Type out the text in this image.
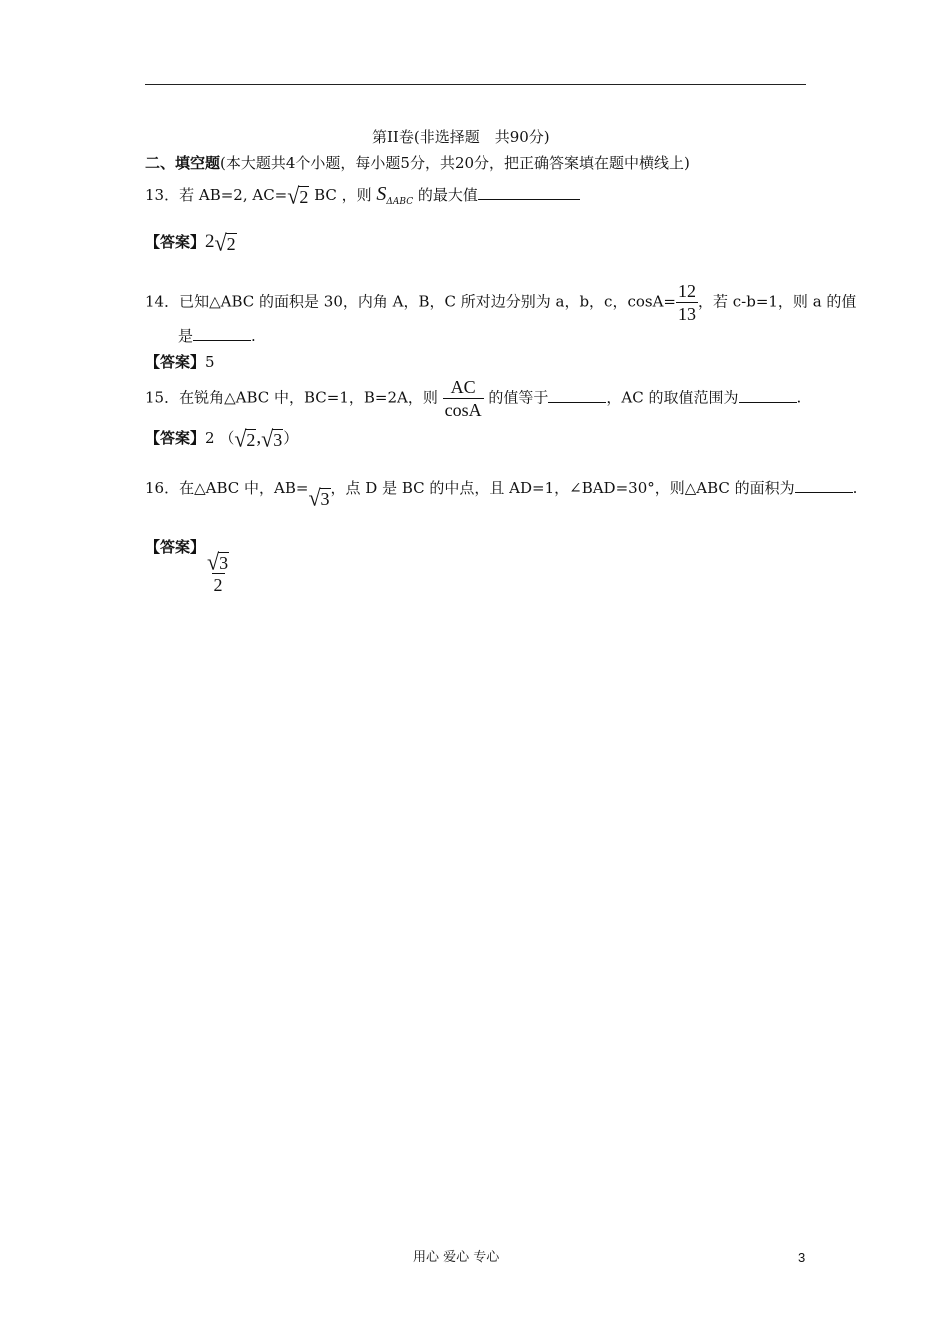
第II卷(非选择题　共90分)
二、填空题(本大题共4个小题，每小题5分，共20分，把正确答案填在题中横线上)
13．若 AB=2, AC= √ 2 BC ，则 $S_{\Delta ABC}$ 的最大值
【答案】2 √ 2
14．已知△ABC 的面积是 30，内角 A，B，C 所对边分别为 a，b，c，$\cos A= \frac{12}{13}$ ，若 c-b=1，则 a 的值
是	.
【答案】5
15．在锐角△ABC 中，BC=1，B=2A，则 $\frac{AC}{\cos A}$ 的值等于	，AC 的取值范围为	.
【答案】2 （ √ 2 , √ 3 ）
16．在△ABC 中，AB= √ 3
，点 D 是 BC 的中点，且 AD=1，∠BAD=30°，则△ABC 的面积为	.
【答案】
$\frac{√ 3}{2}$
用心 爱心 专心	3
